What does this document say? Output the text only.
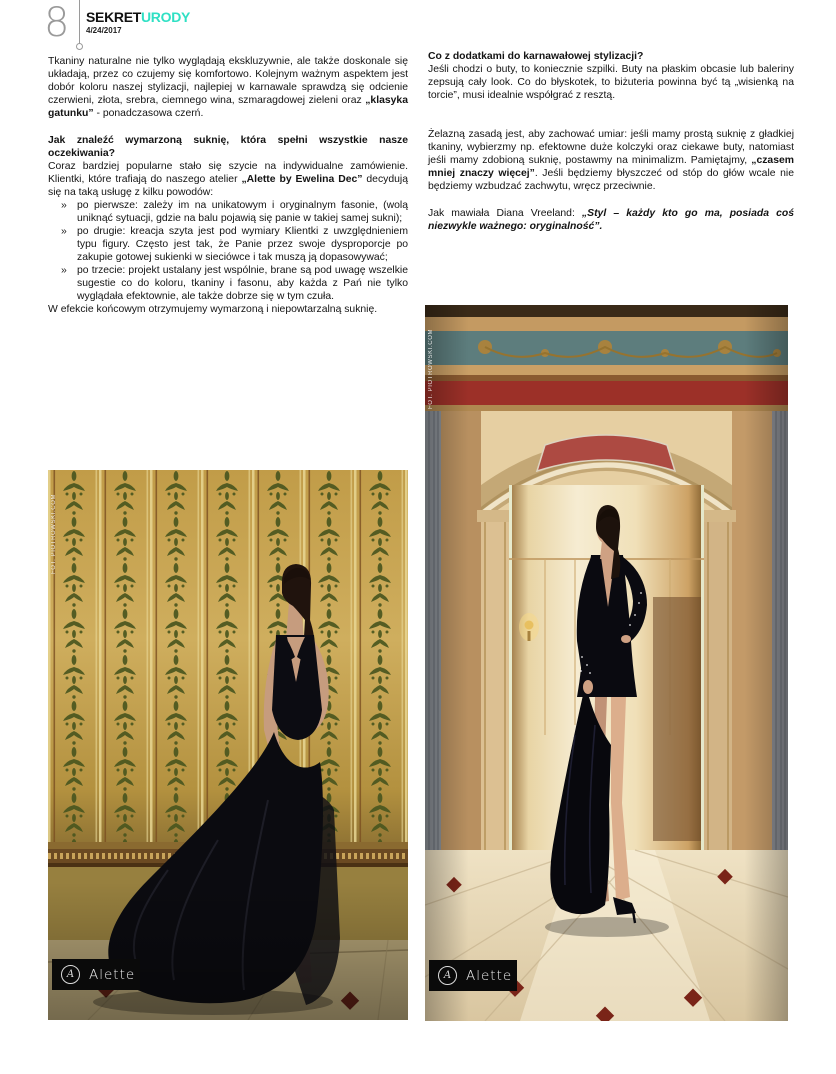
8 SEKRETURODY
4/24/2017

Tkaniny naturalne nie tylko wyglądają ekskluzywnie, ale także doskonale się układają, przez co czujemy się komfortowo. Kolejnym ważnym aspektem jest dobór koloru naszej stylizacji, najlepiej w karnawale sprawdzą się odcienie czerwieni, złota, srebra, ciemnego wina, szmaragdowej zieleni oraz „klasyka gatunku” - ponadczasowa czerń.

Jak znaleźć wymarzoną suknię, która spełni wszystkie nasze oczekiwania?

Coraz bardziej popularne stało się szycie na indywidualne zamówienie. Klientki, które trafiają do naszego atelier „Alette by Ewelina Dec” decydują się na taką usługę z kilku powodów:

» po pierwsze: zależy im na unikatowym i oryginalnym fasonie, (wolą uniknąć sytuacji, gdzie na balu pojawią się panie w takiej samej sukni);
» po drugie: kreacja szyta jest pod wymiary Klientki z uwzględnieniem typu figury. Często jest tak, że Panie przez swoje dysproporcje po zakupie gotowej sukienki w sieciówce i tak muszą ją dopasowywać;
» po trzecie: projekt ustalany jest wspólnie, brane są pod uwagę wszelkie sugestie co do koloru, tkaniny i fasonu, aby każda z Pań nie tylko wyglądała efektownie, ale także dobrze się w tym czuła.

W efekcie końcowym otrzymujemy wymarzoną i niepowtarzalną suknię.

Co z dodatkami do karnawałowej stylizacji?
Jeśli chodzi o buty, to koniecznie szpilki. Buty na płaskim obcasie lub baleriny zepsują cały look. Co do błyskotek, to biżuteria powinna być tą „wisienką na torcie”, musi idealnie współgrać z resztą.

Żelazną zasadą jest, aby zachować umiar: jeśli mamy prostą suknię z gładkiej tkaniny, wybierzmy np. efektowne duże kolczyki oraz ciekawe buty, natomiast jeśli mamy zdobioną suknię, postawmy na minimalizm. Pamiętajmy, „czasem mniej znaczy więcej”. Jeśli będziemy błyszczeć od stóp do głów wcale nie będziemy wzbudzać zachwytu, wręcz przeciwnie.

Jak mawiała Diana Vreeland: „Styl – każdy kto go ma, posiada coś niezwykle ważnego: oryginalność”.

FOT. PIOTROWSKI.COM
A	Alette
FOT. PIOTROWSKI.COM
A	Alette
